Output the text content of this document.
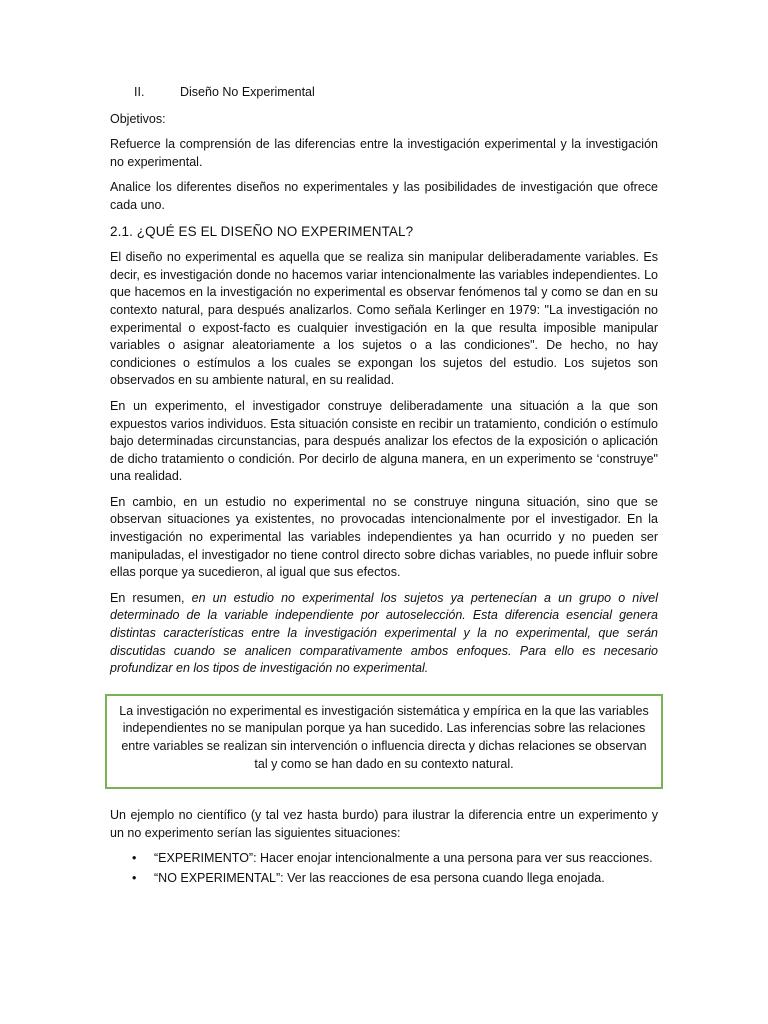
II.	Diseño No Experimental

Objetivos:

Refuerce la comprensión de las diferencias entre la investigación experimental y la investigación no experimental.

Analice los diferentes diseños no experimentales y las posibilidades de investigación que ofrece cada uno.

2.1. ¿QUÉ ES EL DISEÑO NO EXPERIMENTAL?

El diseño no experimental es aquella que se realiza sin manipular deliberadamente variables. Es decir, es investigación donde no hacemos variar intencionalmente las variables independientes. Lo que hacemos en la investigación no experimental es observar fenómenos tal y como se dan en su contexto natural, para después analizarlos. Como señala Kerlinger en 1979: "La investigación no experimental o expost-facto es cualquier investigación en la que resulta imposible manipular variables o asignar aleatoriamente a los sujetos o a las condiciones". De hecho, no hay condiciones o estímulos a los cuales se expongan los sujetos del estudio. Los sujetos son observados en su ambiente natural, en su realidad.

En un experimento, el investigador construye deliberadamente una situación a la que son expuestos varios individuos. Esta situación consiste en recibir un tratamiento, condición o estímulo bajo determinadas circunstancias, para después analizar los efectos de la exposición o aplicación de dicho tratamiento o condición. Por decirlo de alguna manera, en un experimento se ‘construye" una realidad.

En cambio, en un estudio no experimental no se construye ninguna situación, sino que se observan situaciones ya existentes, no provocadas intencionalmente por el investigador. En la investigación no experimental las variables independientes ya han ocurrido y no pueden ser manipuladas, el investigador no tiene control directo sobre dichas variables, no puede influir sobre ellas porque ya sucedieron, al igual que sus efectos.

En resumen, en un estudio no experimental los sujetos ya pertenecían a un grupo o nivel determinado de la variable independiente por autoselección. Esta diferencia esencial genera distintas características entre la investigación experimental y la no experimental, que serán discutidas cuando se analicen comparativamente ambos enfoques. Para ello es necesario profundizar en los tipos de investigación no experimental.

La investigación no experimental es investigación sistemática y empírica en la que las variables independientes no se manipulan porque ya han sucedido. Las inferencias sobre las relaciones entre variables se realizan sin intervención o influencia directa y dichas relaciones se observan tal y como se han dado en su contexto natural.

Un ejemplo no científico (y tal vez hasta burdo) para ilustrar la diferencia entre un experimento y un no experimento serían las siguientes situaciones:

•	“EXPERIMENTO”: Hacer enojar intencionalmente a una persona para ver sus reacciones.
•	“NO EXPERIMENTAL”: Ver las reacciones de esa persona cuando llega enojada.
